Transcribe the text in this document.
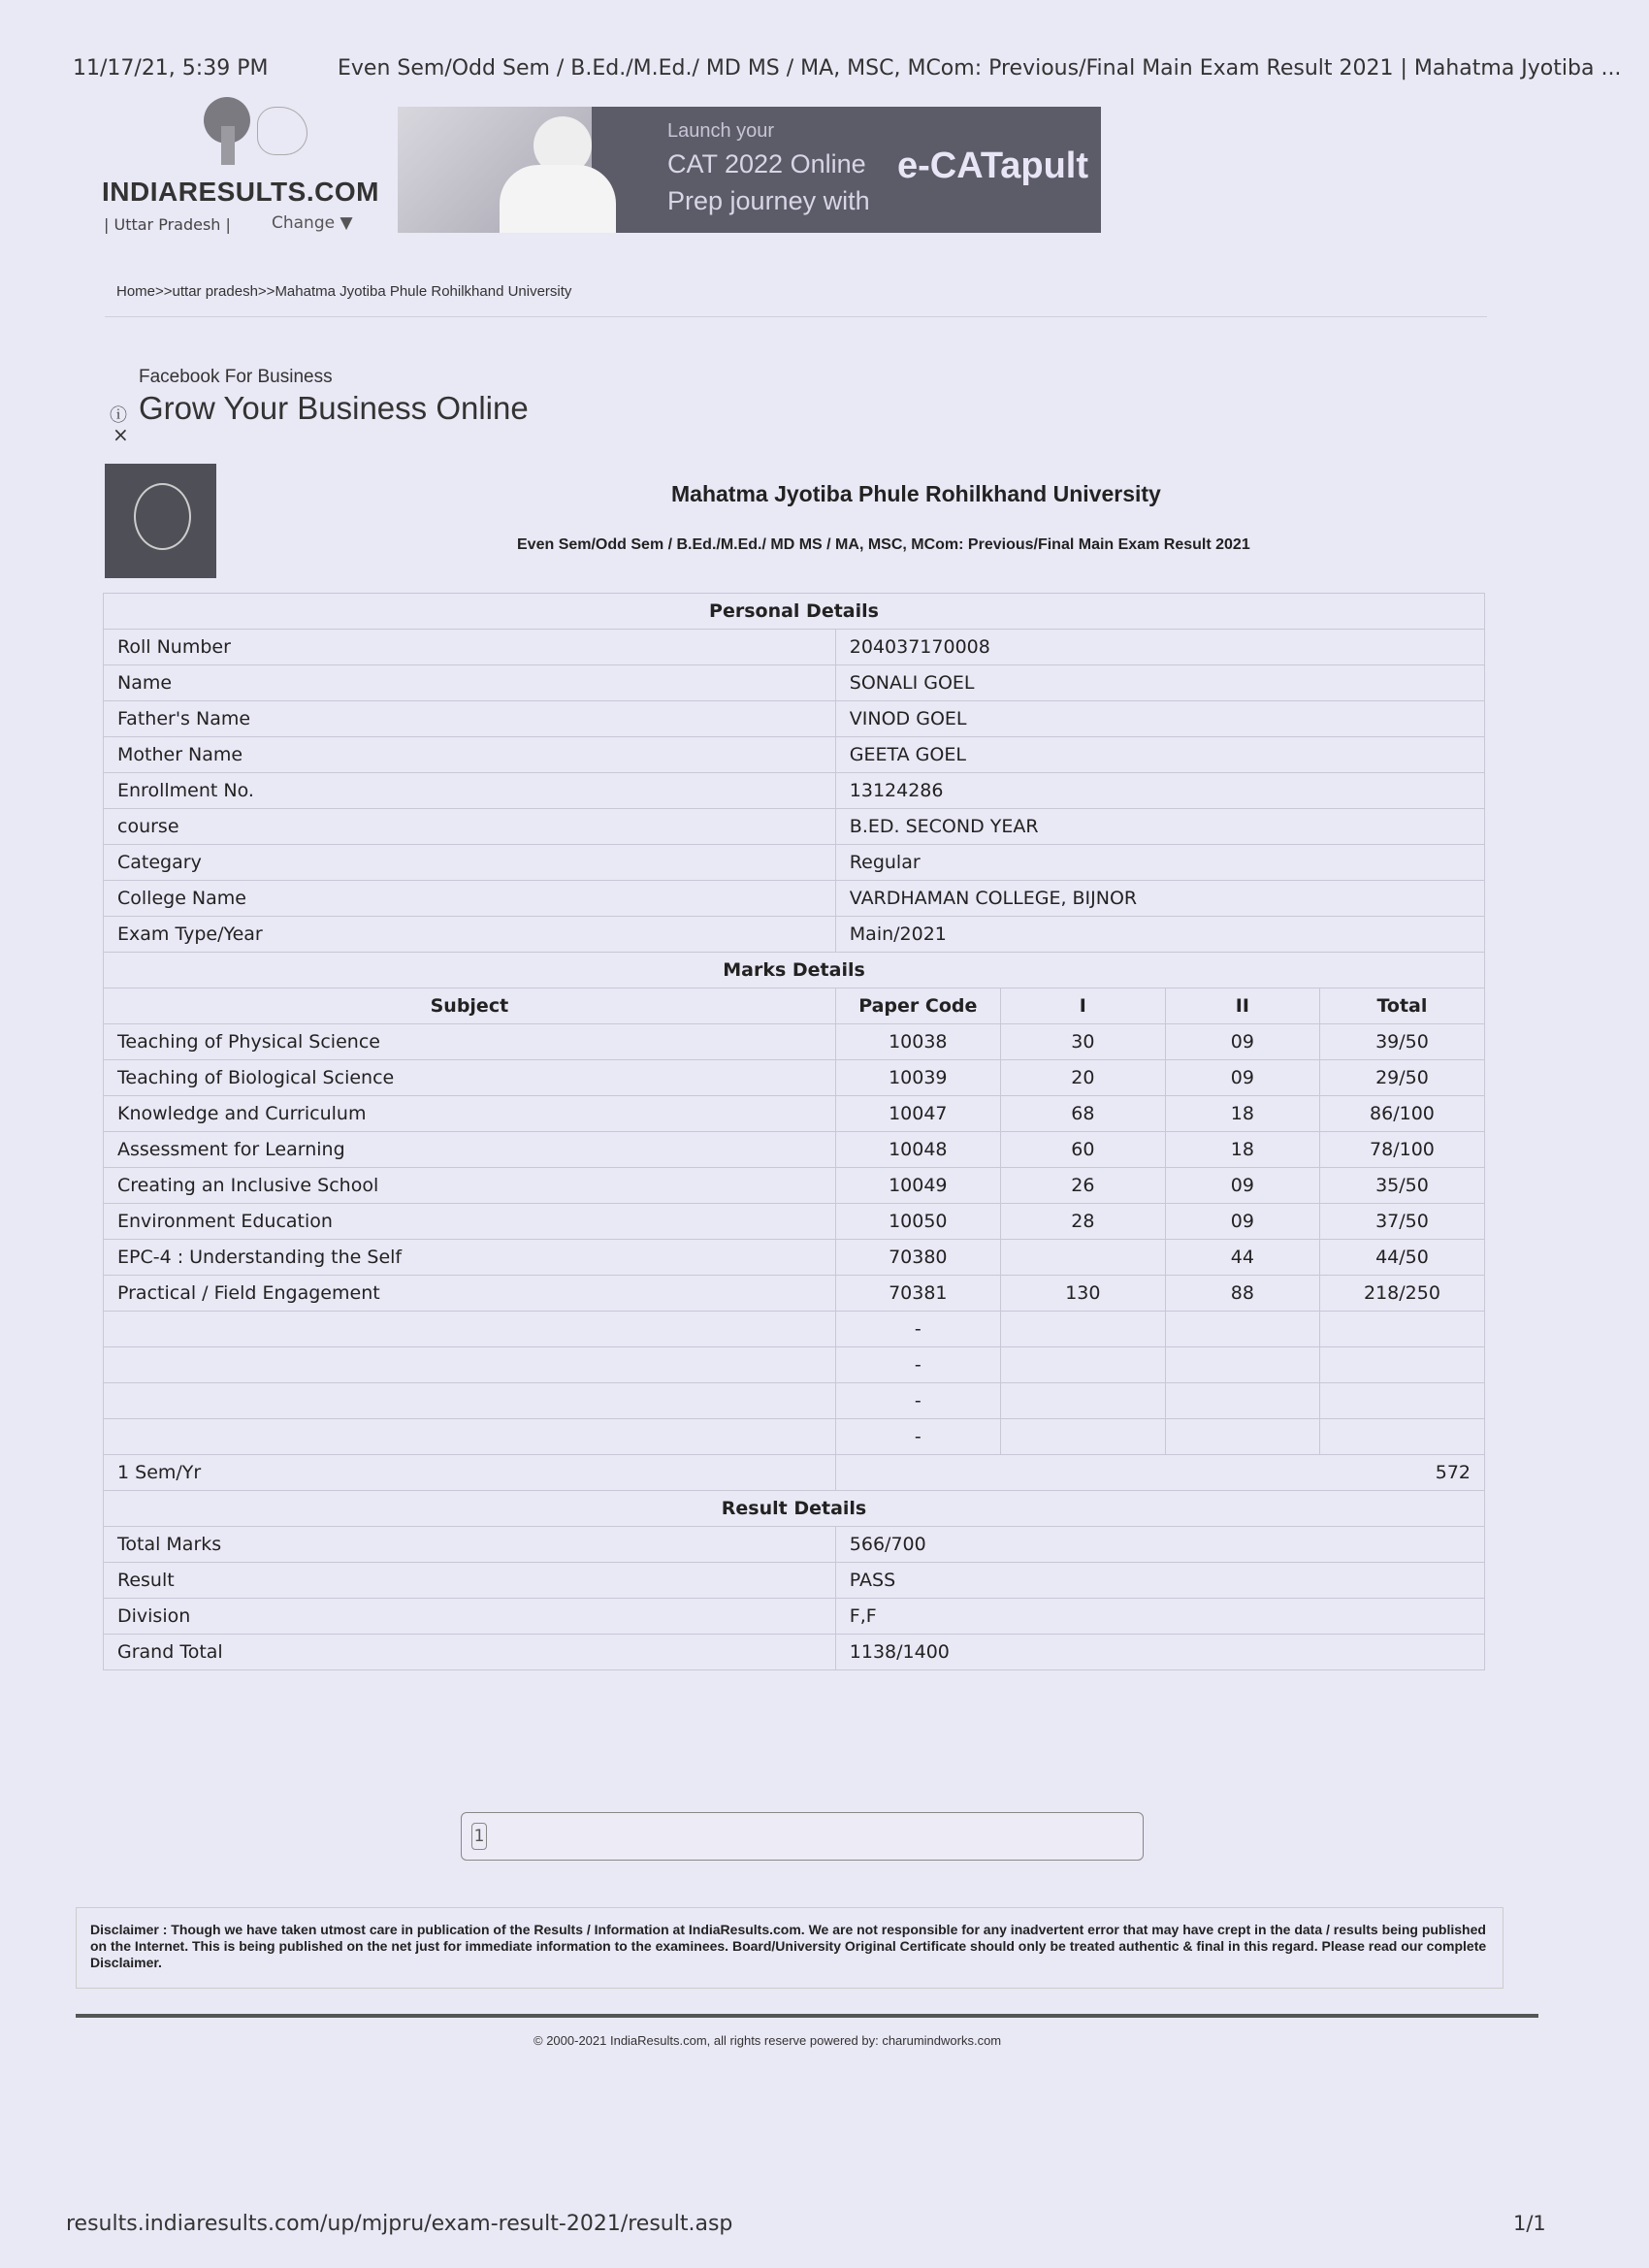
11/17/21, 5:39 PM	Even Sem/Odd Sem / B.Ed./M.Ed./ MD MS / MA, MSC, MCom: Previous/Final Main Exam Result 2021 | Mahatma Jyotiba ...
INDIARESULTS.COM
| Uttar Pradesh | Change ▼
Launch your
CAT 2022 Online
Prep journey with
e-CATapult
Home>>uttar pradesh>>Mahatma Jyotiba Phule Rohilkhand University
Facebook For Business
ⓘ Grow Your Business Online
×
Mahatma Jyotiba Phule Rohilkhand University
Even Sem/Odd Sem / B.Ed./M.Ed./ MD MS / MA, MSC, MCom: Previous/Final Main Exam Result 2021
Personal Details				
Roll Number	204037170008			
Name	SONALI GOEL			
Father's Name	VINOD GOEL			
Mother Name	GEETA GOEL			
Enrollment No.	13124286			
course	B.ED. SECOND YEAR			
Categary	Regular			
College Name	VARDHAMAN COLLEGE, BIJNOR			
Exam Type/Year	Main/2021			
Marks Details				
Subject	Paper Code	I	II	Total
Teaching of Physical Science	10038	30	09	39/50
Teaching of Biological Science	10039	20	09	29/50
Knowledge and Curriculum	10047	68	18	86/100
Assessment for Learning	10048	60	18	78/100
Creating an Inclusive School	10049	26	09	35/50
Environment Education	10050	28	09	37/50
EPC-4 : Understanding the Self	70380		44	44/50
Practical / Field Engagement	70381	130	88	218/250
	-			
	-			
	-			
	-			
1 Sem/Yr	572			
Result Details				
Total Marks	566/700			
Result	PASS			
Division	F,F			
Grand Total	1138/1400			
1
Disclaimer : Though we have taken utmost care in publication of the Results / Information at IndiaResults.com. We are not responsible for any inadvertent error that may have crept in the data / results being published on the Internet. This is being published on the net just for immediate information to the examinees. Board/University Original Certificate should only be treated authentic & final in this regard. Please read our complete Disclaimer.
© 2000-2021 IndiaResults.com, all rights reserve powered by: charumindworks.com
results.indiaresults.com/up/mjpru/exam-result-2021/result.asp	1/1
